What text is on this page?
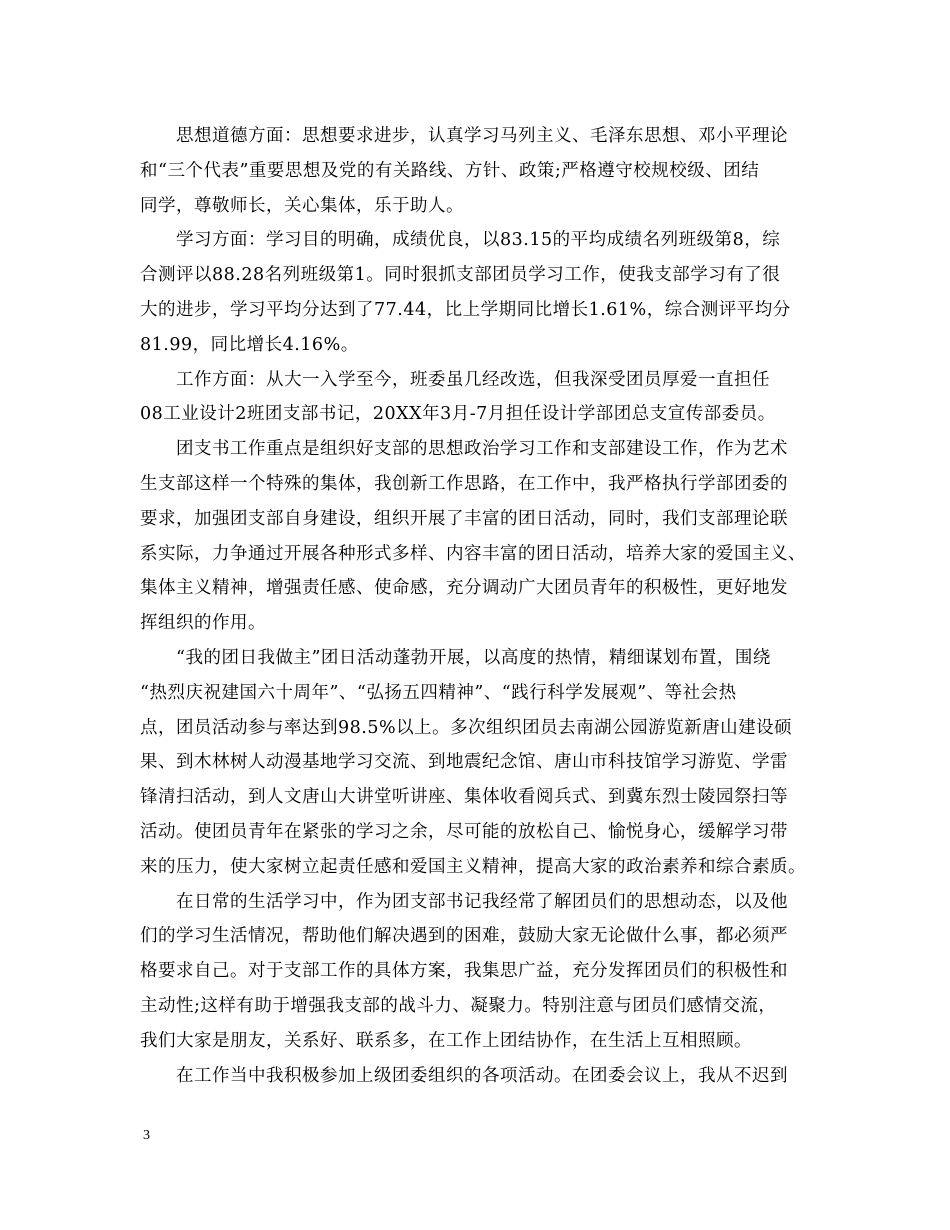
思想道德方面：思想要求进步，认真学习马列主义、毛泽东思想、邓小平理论
和“三个代表”重要思想及党的有关路线、方针、政策;严格遵守校规校级、团结
同学，尊敬师长，关心集体，乐于助人。

学习方面：学习目的明确，成绩优良，以83.15的平均成绩名列班级第8，综
合测评以88.28名列班级第1。同时狠抓支部团员学习工作，使我支部学习有了很
大的进步，学习平均分达到了77.44，比上学期同比增长1.61%，综合测评平均分
81.99，同比增长4.16%。

工作方面：从大一入学至今，班委虽几经改选，但我深受团员厚爱一直担任
08工业设计2班团支部书记，20XX年3月-7月担任设计学部团总支宣传部委员。

团支书工作重点是组织好支部的思想政治学习工作和支部建设工作，作为艺术
生支部这样一个特殊的集体，我创新工作思路，在工作中，我严格执行学部团委的
要求，加强团支部自身建设，组织开展了丰富的团日活动，同时，我们支部理论联
系实际，力争通过开展各种形式多样、内容丰富的团日活动，培养大家的爱国主义、
集体主义精神，增强责任感、使命感，充分调动广大团员青年的积极性，更好地发
挥组织的作用。

“我的团日我做主”团日活动蓬勃开展，以高度的热情，精细谋划布置，围绕
“热烈庆祝建国六十周年”、“弘扬五四精神”、“践行科学发展观”、等社会热
点，团员活动参与率达到98.5%以上。多次组织团员去南湖公园游览新唐山建设硕
果、到木林树人动漫基地学习交流、到地震纪念馆、唐山市科技馆学习游览、学雷
锋清扫活动，到人文唐山大讲堂听讲座、集体收看阅兵式、到冀东烈士陵园祭扫等
活动。使团员青年在紧张的学习之余，尽可能的放松自己、愉悦身心，缓解学习带
来的压力，使大家树立起责任感和爱国主义精神，提高大家的政治素养和综合素质。

在日常的生活学习中，作为团支部书记我经常了解团员们的思想动态，以及他
们的学习生活情况，帮助他们解决遇到的困难，鼓励大家无论做什么事，都必须严
格要求自己。对于支部工作的具体方案，我集思广益，充分发挥团员们的积极性和
主动性;这样有助于增强我支部的战斗力、凝聚力。特别注意与团员们感情交流，
我们大家是朋友，关系好、联系多，在工作上团结协作，在生活上互相照顾。

在工作当中我积极参加上级团委组织的各项活动。在团委会议上，我从不迟到

3
